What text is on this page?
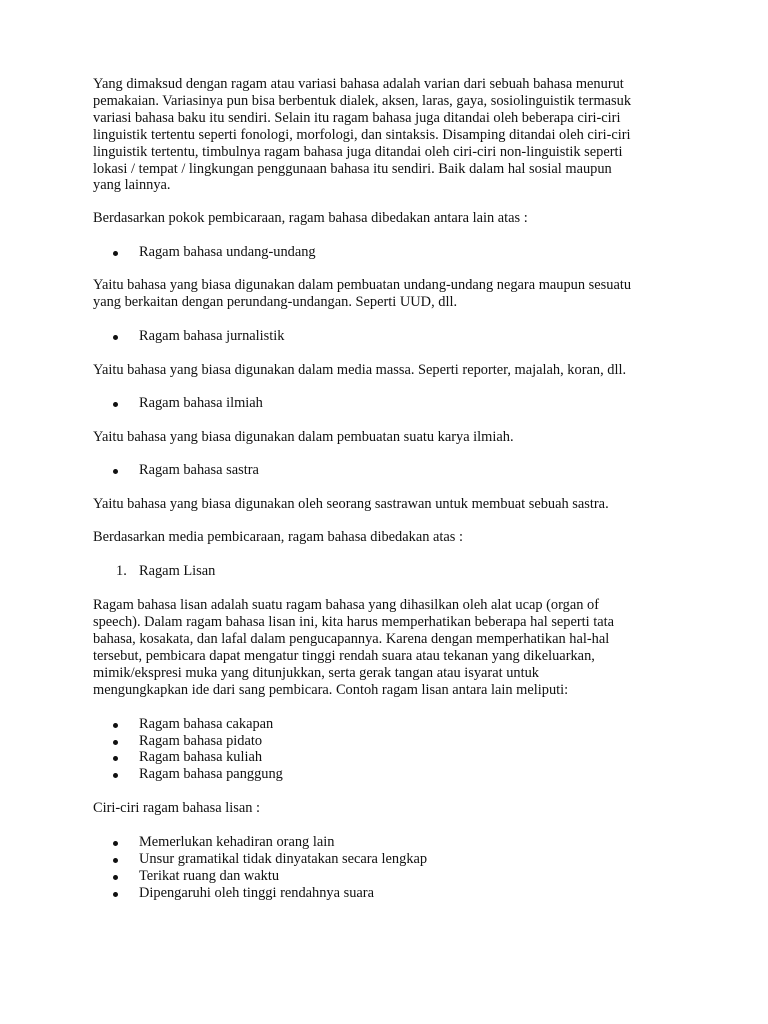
Yang dimaksud dengan ragam atau variasi bahasa adalah varian dari sebuah bahasa menurut
pemakaian. Variasinya pun bisa berbentuk dialek, aksen, laras, gaya, sosiolinguistik termasuk
variasi bahasa baku itu sendiri. Selain itu ragam bahasa juga ditandai oleh beberapa ciri-ciri
linguistik tertentu seperti fonologi, morfologi, dan sintaksis. Disamping ditandai oleh ciri-ciri
linguistik tertentu, timbulnya ragam bahasa juga ditandai oleh ciri-ciri non-linguistik seperti
lokasi / tempat / lingkungan penggunaan bahasa itu sendiri. Baik dalam hal sosial maupun
yang lainnya.

Berdasarkan pokok pembicaraan, ragam bahasa dibedakan antara lain atas :

Ragam bahasa undang-undang

Yaitu bahasa yang biasa digunakan dalam pembuatan undang-undang negara maupun sesuatu
yang berkaitan dengan perundang-undangan. Seperti UUD, dll.

Ragam bahasa jurnalistik

Yaitu bahasa yang biasa digunakan dalam media massa. Seperti reporter, majalah, koran, dll.

Ragam bahasa ilmiah

Yaitu bahasa yang biasa digunakan dalam pembuatan suatu karya ilmiah.

Ragam bahasa sastra

Yaitu bahasa yang biasa digunakan oleh seorang sastrawan untuk membuat sebuah sastra.

Berdasarkan media pembicaraan, ragam bahasa dibedakan atas :

1. Ragam Lisan

Ragam bahasa lisan adalah suatu ragam bahasa yang dihasilkan oleh alat ucap (organ of
speech). Dalam ragam bahasa lisan ini, kita harus memperhatikan beberapa hal seperti tata
bahasa, kosakata, dan lafal dalam pengucapannya. Karena dengan memperhatikan hal-hal
tersebut, pembicara dapat mengatur tinggi rendah suara atau tekanan yang dikeluarkan,
mimik/ekspresi muka yang ditunjukkan, serta gerak tangan atau isyarat untuk
mengungkapkan ide dari sang pembicara. Contoh ragam lisan antara lain meliputi:

Ragam bahasa cakapan
Ragam bahasa pidato
Ragam bahasa kuliah
Ragam bahasa panggung

Ciri-ciri ragam bahasa lisan :

Memerlukan kehadiran orang lain
Unsur gramatikal tidak dinyatakan secara lengkap
Terikat ruang dan waktu
Dipengaruhi oleh tinggi rendahnya suara
